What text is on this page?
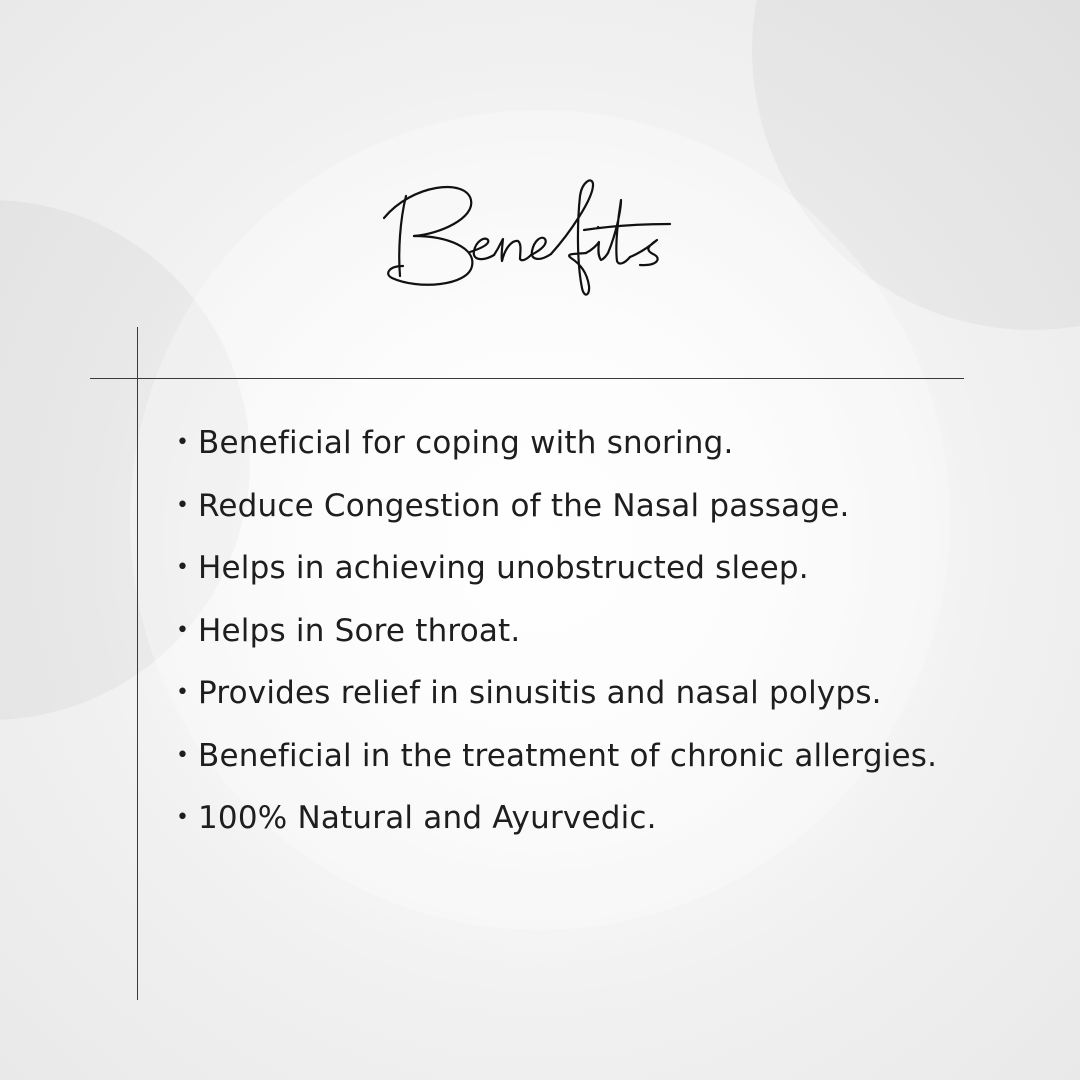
• Beneficial for coping with snoring.
• Reduce Congestion of the Nasal passage.
• Helps in achieving unobstructed sleep.
• Helps in Sore throat.
• Provides relief in sinusitis and nasal polyps.
• Beneficial in the treatment of chronic allergies.
• 100% Natural and Ayurvedic.
